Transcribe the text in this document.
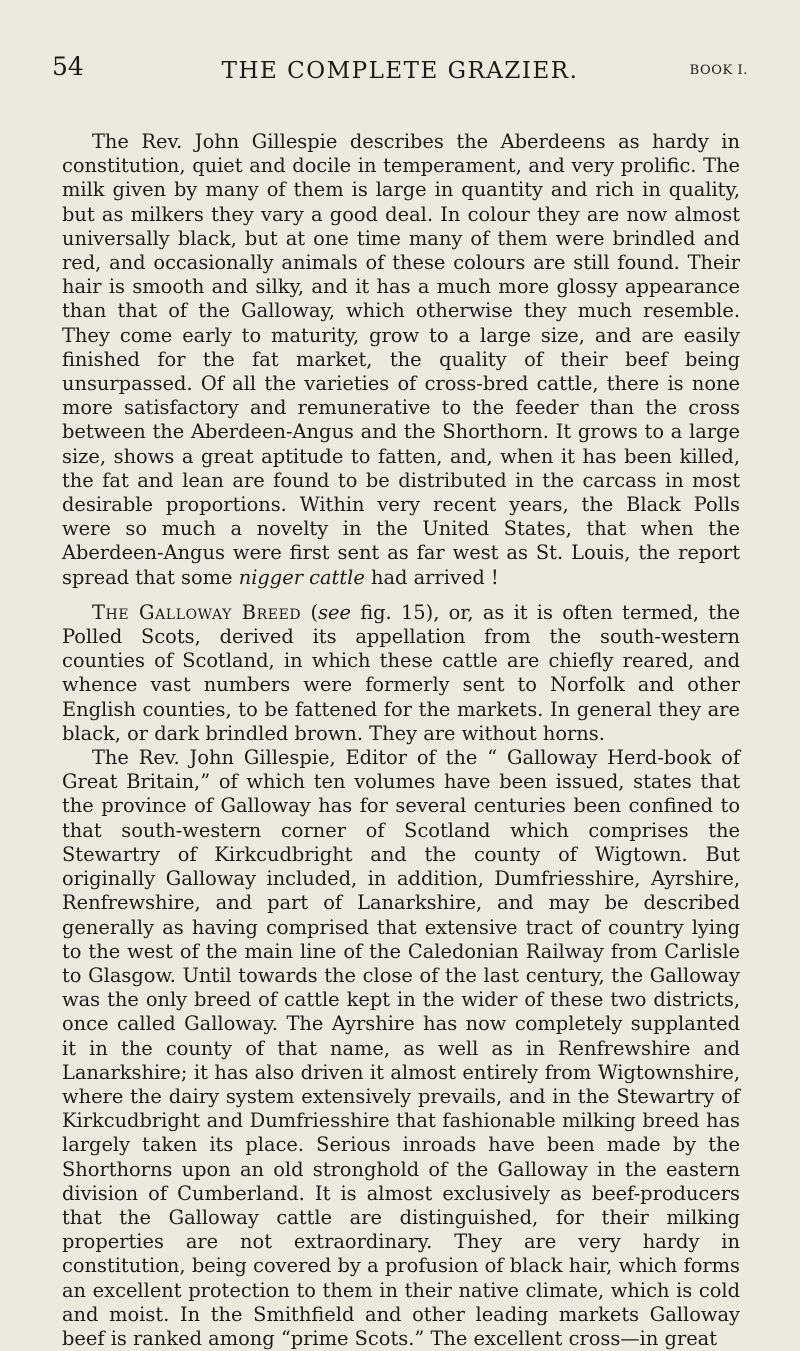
54	THE COMPLETE GRAZIER.	BOOK I.

The Rev. John Gillespie describes the Aberdeens as hardy in constitution, quiet and docile in temperament, and very prolific. The milk given by many of them is large in quantity and rich in quality, but as milkers they vary a good deal. In colour they are now almost universally black, but at one time many of them were brindled and red, and occasionally animals of these colours are still found. Their hair is smooth and silky, and it has a much more glossy appearance than that of the Galloway, which otherwise they much resemble. They come early to maturity, grow to a large size, and are easily finished for the fat market, the quality of their beef being unsurpassed. Of all the varieties of cross-bred cattle, there is none more satisfactory and remunerative to the feeder than the cross between the Aberdeen-Angus and the Shorthorn. It grows to a large size, shows a great aptitude to fatten, and, when it has been killed, the fat and lean are found to be distributed in the carcass in most desirable proportions. Within very recent years, the Black Polls were so much a novelty in the United States, that when the Aberdeen-Angus were first sent as far west as St. Louis, the report spread that some nigger cattle had arrived !

The Galloway Breed (see fig. 15), or, as it is often termed, the Polled Scots, derived its appellation from the south-western counties of Scotland, in which these cattle are chiefly reared, and whence vast numbers were formerly sent to Norfolk and other English counties, to be fattened for the markets. In general they are black, or dark brindled brown. They are without horns.

The Rev. John Gillespie, Editor of the “ Galloway Herd-book of Great Britain,” of which ten volumes have been issued, states that the province of Galloway has for several centuries been confined to that south-western corner of Scotland which comprises the Stewartry of Kirkcudbright and the county of Wigtown. But originally Galloway included, in addition, Dumfriesshire, Ayrshire, Renfrewshire, and part of Lanarkshire, and may be described generally as having comprised that extensive tract of country lying to the west of the main line of the Caledonian Railway from Carlisle to Glasgow. Until towards the close of the last century, the Galloway was the only breed of cattle kept in the wider of these two districts, once called Galloway. The Ayrshire has now completely supplanted it in the county of that name, as well as in Renfrewshire and Lanarkshire; it has also driven it almost entirely from Wigtownshire, where the dairy system extensively prevails, and in the Stewartry of Kirkcudbright and Dumfriesshire that fashionable milking breed has largely taken its place. Serious inroads have been made by the Shorthorns upon an old stronghold of the Galloway in the eastern division of Cumberland. It is almost exclusively as beef-producers that the Galloway cattle are distinguished, for their milking properties are not extraordinary. They are very hardy in constitution, being covered by a profusion of black hair, which forms an excellent protection to them in their native climate, which is cold and moist. In the Smithfield and other leading markets Galloway beef is ranked among “prime Scots.” The excellent cross—in great
